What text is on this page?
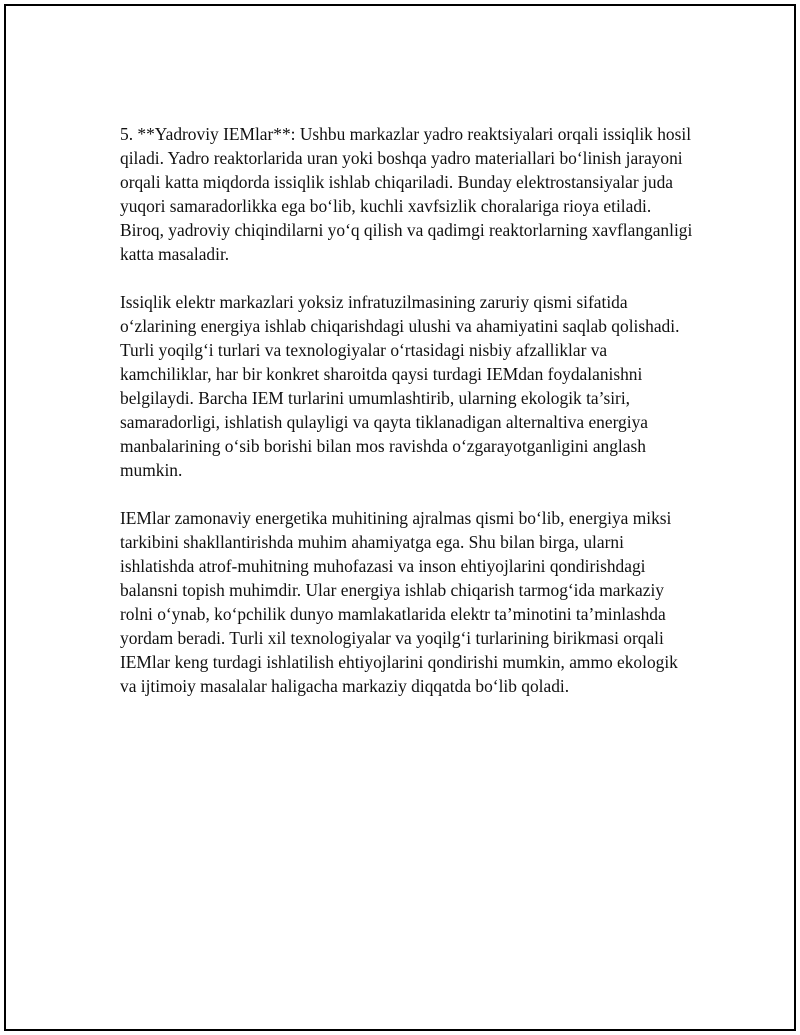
5. **Yadroviy IEMlar**: Ushbu markazlar yadro reaktsiyalari orqali issiqlik hosil qiladi. Yadro reaktorlarida uran yoki boshqa yadro materiallari bo‘linish jarayoni orqali katta miqdorda issiqlik ishlab chiqariladi. Bunday elektrostansiyalar juda yuqori samaradorlikka ega bo‘lib, kuchli xavfsizlik choralariga rioya etiladi. Biroq, yadroviy chiqindilarni yo‘q qilish va qadimgi reaktorlarning xavflanganligi katta masaladir.

Issiqlik elektr markazlari yoksiz infratuzilmasining zaruriy qismi sifatida o‘zlarining energiya ishlab chiqarishdagi ulushi va ahamiyatini saqlab qolishadi. Turli yoqilg‘i turlari va texnologiyalar o‘rtasidagi nisbiy afzalliklar va kamchiliklar, har bir konkret sharoitda qaysi turdagi IEMdan foydalanishni belgilaydi. Barcha IEM turlarini umumlashtirib, ularning ekologik ta’siri, samaradorligi, ishlatish qulayligi va qayta tiklanadigan alternaltiva energiya manbalarining o‘sib borishi bilan mos ravishda o‘zgarayotganligini anglash mumkin.

IEMlar zamonaviy energetika muhitining ajralmas qismi bo‘lib, energiya miksi tarkibini shakllantirishda muhim ahamiyatga ega. Shu bilan birga, ularni ishlatishda atrof-muhitning muhofazasi va inson ehtiyojlarini qondirishdagi balansni topish muhimdir. Ular energiya ishlab chiqarish tarmog‘ida markaziy rolni o‘ynab, ko‘pchilik dunyo mamlakatlarida elektr ta’minotini ta’minlashda yordam beradi. Turli xil texnologiyalar va yoqilg‘i turlarining birikmasi orqali IEMlar keng turdagi ishlatilish ehtiyojlarini qondirishi mumkin, ammo ekologik va ijtimoiy masalalar haligacha markaziy diqqatda bo‘lib qoladi.
